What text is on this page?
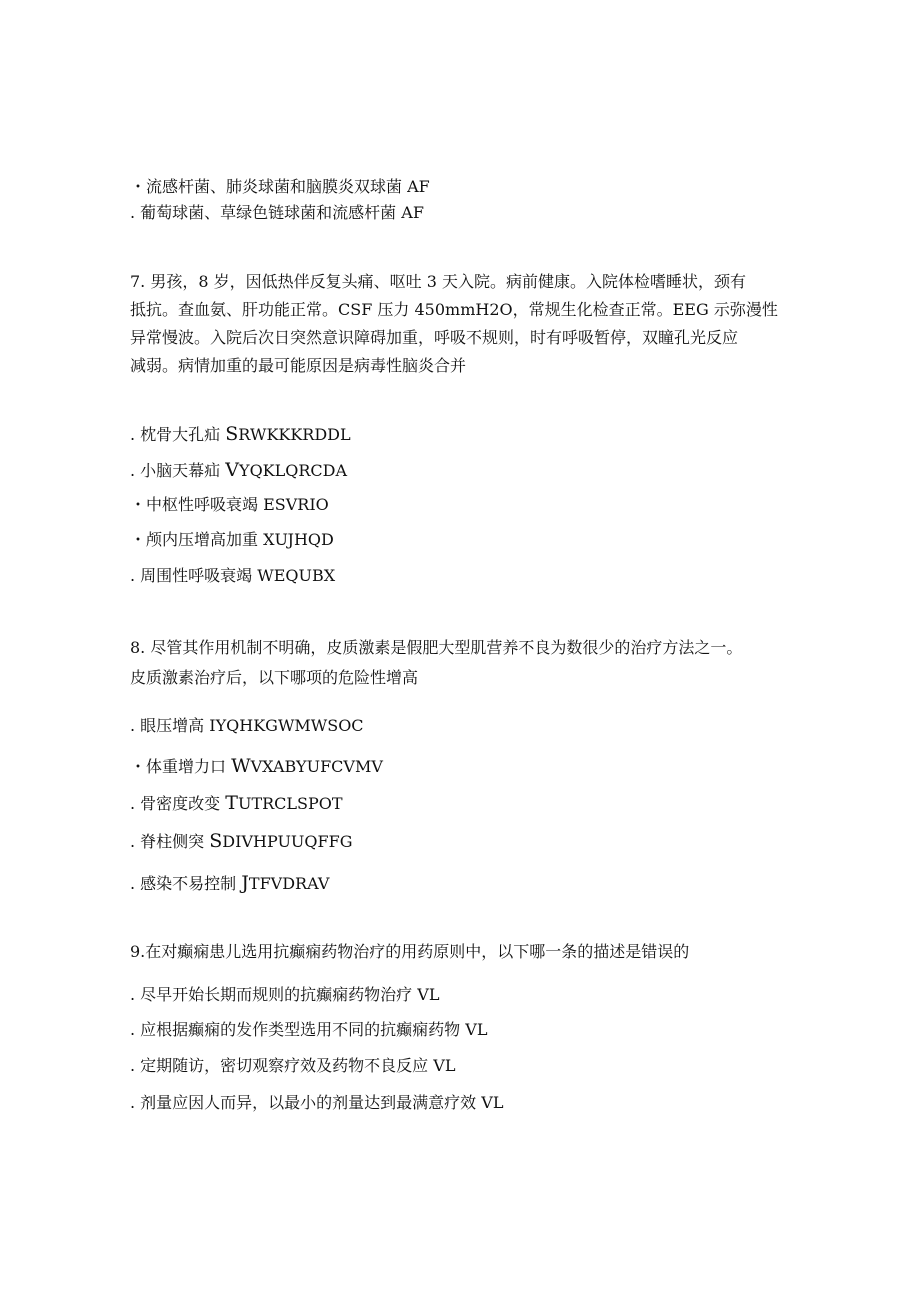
・流感杆菌、肺炎球菌和脑膜炎双球菌 AF
. 葡萄球菌、草绿色链球菌和流感杆菌 AF
7. 男孩，8 岁，因低热伴反复头痛、呕吐 3 天入院。病前健康。入院体检嗜睡状，颈有
抵抗。查血氨、肝功能正常。CSF 压力 450mmH2O，常规生化检查正常。EEG 示弥漫性
异常慢波。入院后次日突然意识障碍加重，呼吸不规则，时有呼吸暂停，双瞳孔光反应
减弱。病情加重的最可能原因是病毒性脑炎合并
. 枕骨大孔疝 SRWKKKRDDL
. 小脑天幕疝 VYQKLQRCDA
・中枢性呼吸衰竭 ESVRIO
・颅内压增高加重 XUJHQD
. 周围性呼吸衰竭 WEQUBX
8. 尽管其作用机制不明确，皮质激素是假肥大型肌营养不良为数很少的治疗方法之一。
皮质激素治疗后，以下哪项的危险性增高
. 眼压增高 IYQHKGWMWSOC
・体重增力口 WVXABYUFCVMV
. 骨密度改变 TUTRCLSPOT
. 脊柱侧突 SDIVHPUUQFFG
. 感染不易控制 JTFVDRAV
9.在对癫痫患儿选用抗癫痫药物治疗的用药原则中，以下哪一条的描述是错误的
. 尽早开始长期而规则的抗癫痫药物治疗 VL
. 应根据癫痫的发作类型选用不同的抗癫痫药物 VL
. 定期随访，密切观察疗效及药物不良反应 VL
. 剂量应因人而异，以最小的剂量达到最满意疗效 VL
